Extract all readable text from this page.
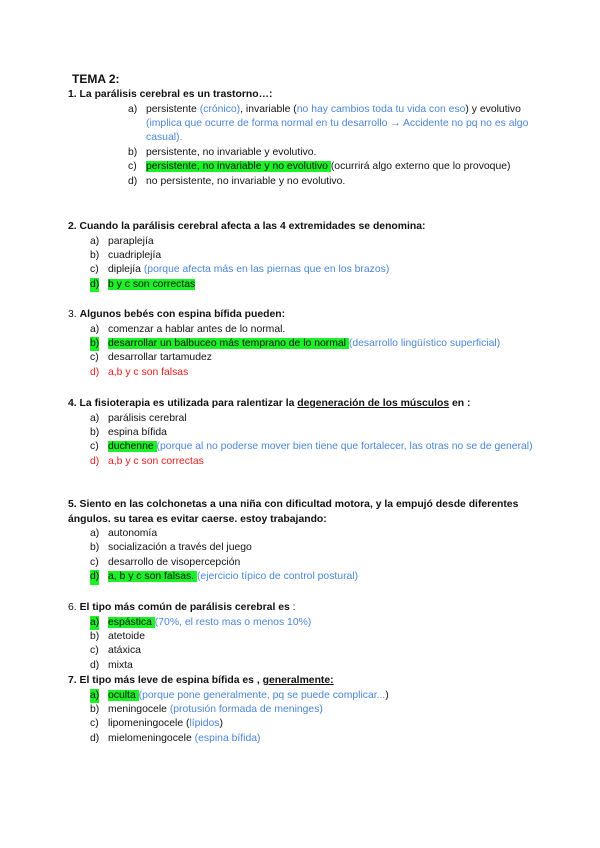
TEMA 2:
1. La parálisis cerebral es un trastorno…:
a) persistente (crónico), invariable (no hay cambios toda tu vida con eso) y evolutivo (implica que ocurre de forma normal en tu desarrollo → Accidente no pq no es algo casual).
b) persistente, no invariable y evolutivo.
c) persistente, no invariable y no evolutivo (ocurrirá algo externo que lo provoque)
d) no persistente, no invariable y no evolutivo.
2. Cuando la parálisis cerebral afecta a las 4 extremidades se denomina:
a) paraplejía
b) cuadriplejía
c) diplejía (porque afecta más en las piernas que en los brazos)
d) b y c son correctas
3. Algunos bebés con espina bífida pueden:
a) comenzar a hablar antes de lo normal.
b) desarrollar un balbuceo más temprano de lo normal (desarrollo lingüístico superficial)
c) desarrollar tartamudez
d) a,b y c son falsas
4. La fisioterapia es utilizada para ralentizar la degeneración de los músculos en :
a) parálisis cerebral
b) espina bífida
c) duchenne (porque al no poderse mover bien tiene que fortalecer, las otras no se de general)
d) a,b y c son correctas
5. Siento en las colchonetas a una niña con dificultad motora, y la empujó desde diferentes ángulos. su tarea es evitar caerse. estoy trabajando:
a) autonomía
b) socialización a través del juego
c) desarrollo de visopercepción
d) a, b y c son falsas. (ejercicio típico de control postural)
6. El tipo más común de parálisis cerebral es :
a) espástica (70%, el resto mas o menos 10%)
b) atetoide
c) atáxica
d) mixta
7. El tipo más leve de espina bífida es , generalmente:
a) oculta (porque pone generalmente, pq se puede complicar...)
b) meningocele (protusión formada de meninges)
c) lipomeningocele (lípidos)
d) mielomeningocele (espina bífida)
